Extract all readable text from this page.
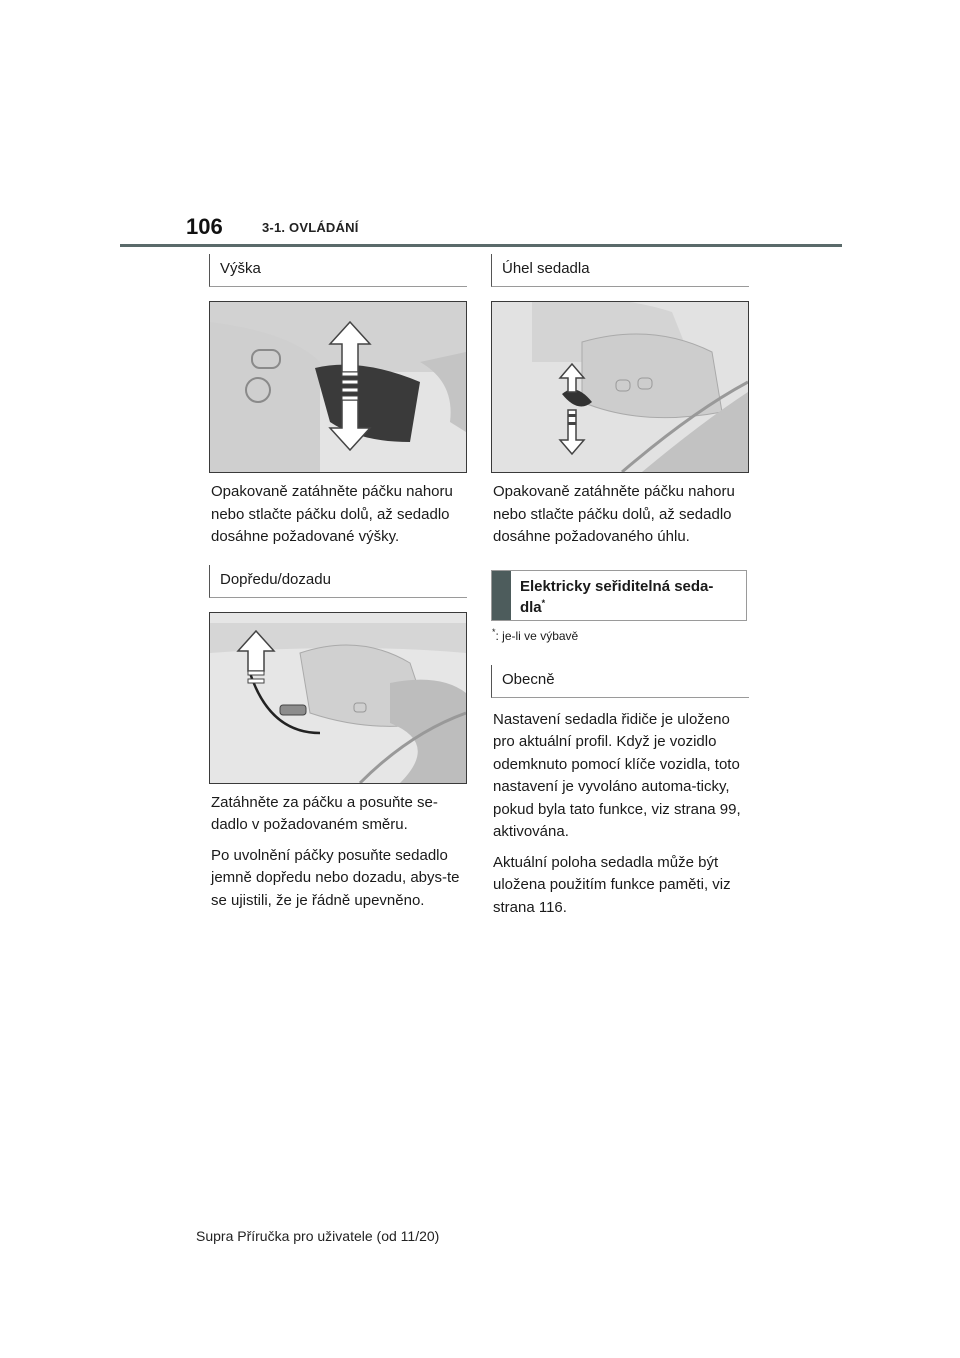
106	3-1. OVLÁDÁNÍ
Výška

Opakovaně zatáhněte páčku nahoru nebo stlačte páčku dolů, až sedadlo dosáhne požadované výšky.

Dopředu/dozadu

Zatáhněte za páčku a posuňte se-dadlo v požadovaném směru.

Po uvolnění páčky posuňte sedadlo jemně dopředu nebo dozadu, abys-te se ujistili, že je řádně upevněno.

Úhel sedadla

Opakovaně zatáhněte páčku nahoru nebo stlačte páčku dolů, až sedadlo dosáhne požadovaného úhlu.

Elektricky seřiditelná seda-dla*
*: je-li ve výbavě
Obecně

Nastavení sedadla řidiče je uloženo pro aktuální profil. Když je vozidlo odemknuto pomocí klíče vozidla, toto nastavení je vyvoláno automa-ticky, pokud byla tato funkce, viz strana 99, aktivována.

Aktuální poloha sedadla může být uložena použitím funkce paměti, viz strana 116.

Supra Příručka pro uživatele (od 11/20)
